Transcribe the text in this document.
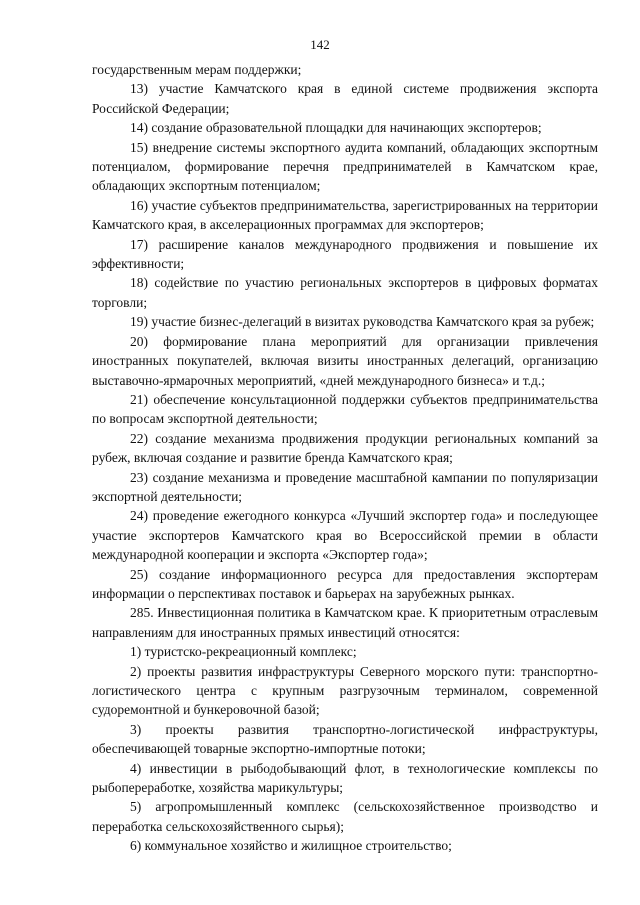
142

государственным мерам поддержки;

13) участие Камчатского края в единой системе продвижения экспорта Российской Федерации;

14) создание образовательной площадки для начинающих экспортеров;

15) внедрение системы экспортного аудита компаний, обладающих экспортным потенциалом, формирование перечня предпринимателей в Камчатском крае, обладающих экспортным потенциалом;

16) участие субъектов предпринимательства, зарегистрированных на территории Камчатского края, в акселерационных программах для экспортеров;

17) расширение каналов международного продвижения и повышение их эффективности;

18) содействие по участию региональных экспортеров в цифровых форматах торговли;

19) участие бизнес-делегаций в визитах руководства Камчатского края за рубеж;

20) формирование плана мероприятий для организации привлечения иностранных покупателей, включая визиты иностранных делегаций, организацию выставочно-ярмарочных мероприятий, «дней международного бизнеса» и т.д.;

21) обеспечение консультационной поддержки субъектов предпринимательства по вопросам экспортной деятельности;

22) создание механизма продвижения продукции региональных компаний за рубеж, включая создание и развитие бренда Камчатского края;

23) создание механизма и проведение масштабной кампании по популяризации экспортной деятельности;

24) проведение ежегодного конкурса «Лучший экспортер года» и последующее участие экспортеров Камчатского края во Всероссийской премии в области международной кооперации и экспорта «Экспортер года»;

25) создание информационного ресурса для предоставления экспортерам информации о перспективах поставок и барьерах на зарубежных рынках.

285. Инвестиционная политика в Камчатском крае. К приоритетным отраслевым направлениям для иностранных прямых инвестиций относятся:

1) туристско-рекреационный комплекс;

2) проекты развития инфраструктуры Северного морского пути: транспортно-логистического центра с крупным разгрузочным терминалом, современной судоремонтной и бункеровочной базой;

3) проекты развития транспортно-логистической инфраструктуры, обеспечивающей товарные экспортно-импортные потоки;

4) инвестиции в рыбодобывающий флот, в технологические комплексы по рыбопереработке, хозяйства марикультуры;

5) агропромышленный комплекс (сельскохозяйственное производство и переработка сельскохозяйственного сырья);

6) коммунальное хозяйство и жилищное строительство;
